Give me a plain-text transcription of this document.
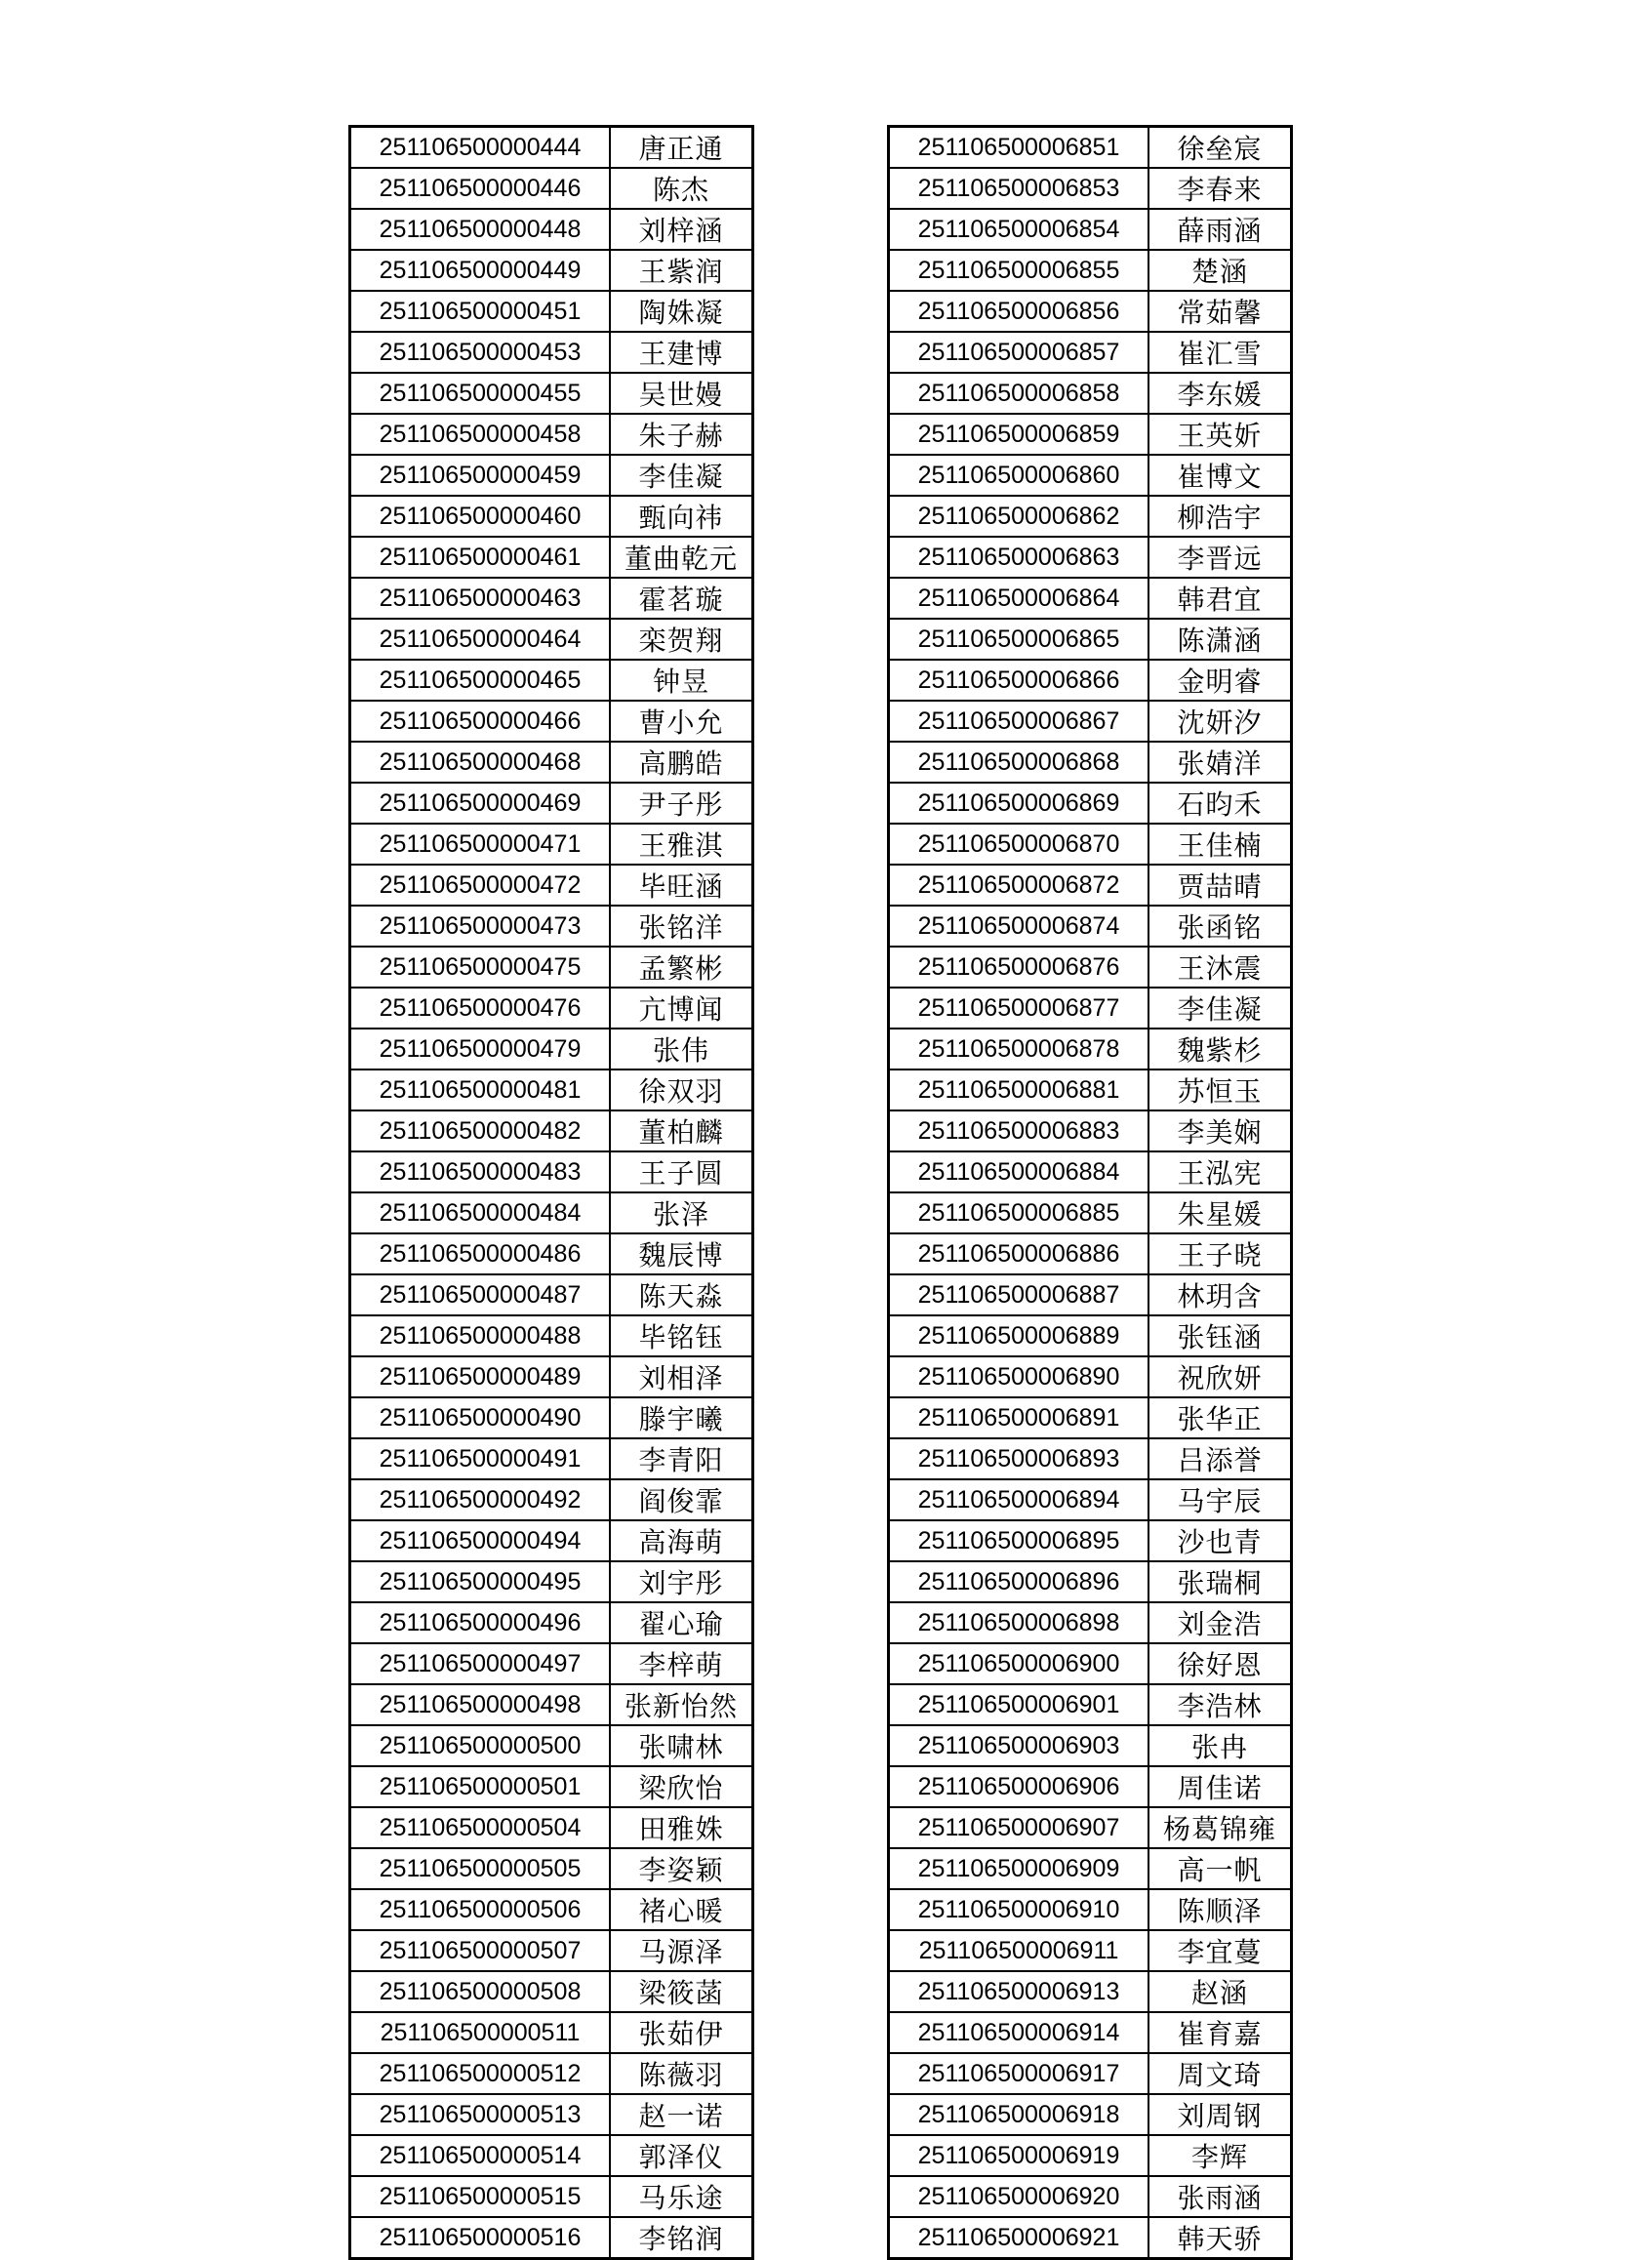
251106500000444	唐正通
251106500000446	陈杰
251106500000448	刘梓涵
251106500000449	王紫润
251106500000451	陶姝凝
251106500000453	王建博
251106500000455	吴世嫚
251106500000458	朱子赫
251106500000459	李佳凝
251106500000460	甄向祎
251106500000461	董曲乾元
251106500000463	霍茗璇
251106500000464	栾贺翔
251106500000465	钟昱
251106500000466	曹小允
251106500000468	高鹏皓
251106500000469	尹子彤
251106500000471	王雅淇
251106500000472	毕旺涵
251106500000473	张铭洋
251106500000475	孟繁彬
251106500000476	亢博闻
251106500000479	张伟
251106500000481	徐双羽
251106500000482	董柏麟
251106500000483	王子圆
251106500000484	张泽
251106500000486	魏辰博
251106500000487	陈天淼
251106500000488	毕铭钰
251106500000489	刘相泽
251106500000490	滕宇曦
251106500000491	李青阳
251106500000492	阎俊霏
251106500000494	高海萌
251106500000495	刘宇彤
251106500000496	翟心瑜
251106500000497	李梓萌
251106500000498	张新怡然
251106500000500	张啸林
251106500000501	梁欣怡
251106500000504	田雅姝
251106500000505	李姿颖
251106500000506	褚心暖
251106500000507	马源泽
251106500000508	梁筱菡
251106500000511	张茹伊
251106500000512	陈薇羽
251106500000513	赵一诺
251106500000514	郭泽仪
251106500000515	马乐途
251106500000516	李铭润
251106500006851	徐垒宸
251106500006853	李春来
251106500006854	薛雨涵
251106500006855	楚涵
251106500006856	常茹馨
251106500006857	崔汇雪
251106500006858	李东媛
251106500006859	王英妡
251106500006860	崔博文
251106500006862	柳浩宇
251106500006863	李晋远
251106500006864	韩君宜
251106500006865	陈潇涵
251106500006866	金明睿
251106500006867	沈妍汐
251106500006868	张婧洋
251106500006869	石昀禾
251106500006870	王佳楠
251106500006872	贾喆晴
251106500006874	张函铭
251106500006876	王沐震
251106500006877	李佳凝
251106500006878	魏紫杉
251106500006881	苏恒玉
251106500006883	李美娴
251106500006884	王泓宪
251106500006885	朱星媛
251106500006886	王子晓
251106500006887	林玥含
251106500006889	张钰涵
251106500006890	祝欣妍
251106500006891	张华正
251106500006893	吕添誉
251106500006894	马宇辰
251106500006895	沙也青
251106500006896	张瑞桐
251106500006898	刘金浩
251106500006900	徐好恩
251106500006901	李浩林
251106500006903	张冉
251106500006906	周佳诺
251106500006907	杨葛锦雍
251106500006909	高一帆
251106500006910	陈顺泽
251106500006911	李宜蔓
251106500006913	赵涵
251106500006914	崔育嘉
251106500006917	周文琦
251106500006918	刘周钢
251106500006919	李辉
251106500006920	张雨涵
251106500006921	韩天骄
